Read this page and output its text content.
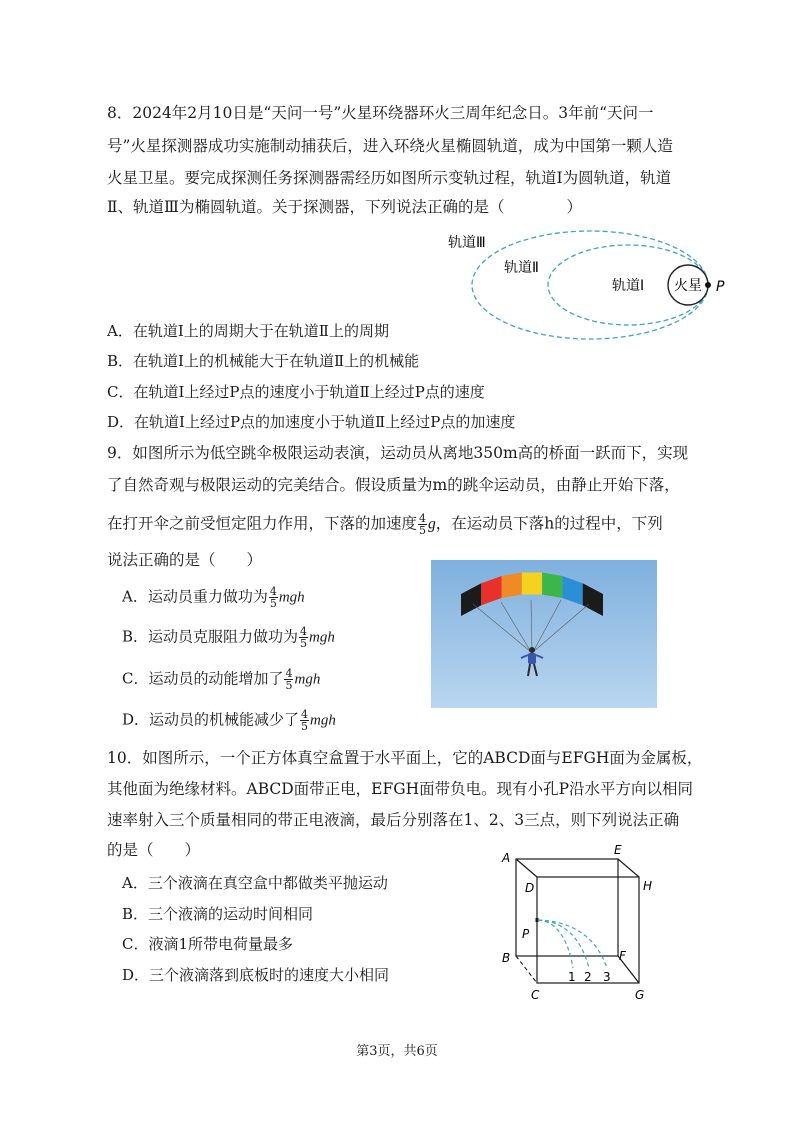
8．2024年2月10日是“天问一号”火星环绕器环火三周年纪念日。3年前“天问一
号”火星探测器成功实施制动捕获后，进入环绕火星椭圆轨道，成为中国第一颗人造
火星卫星。要完成探测任务探测器需经历如图所示变轨过程，轨道Ⅰ为圆轨道，轨道
Ⅱ、轨道Ⅲ为椭圆轨道。关于探测器，下列说法正确的是（　　　　）
轨道Ⅲ
轨道Ⅱ
轨道Ⅰ 火星 P
A．在轨道Ⅰ上的周期大于在轨道Ⅱ上的周期
B．在轨道Ⅰ上的机械能大于在轨道Ⅱ上的机械能
C．在轨道Ⅰ上经过P点的速度小于轨道Ⅱ上经过P点的速度
D．在轨道Ⅰ上经过P点的加速度小于轨道Ⅱ上经过P点的加速度
9．如图所示为低空跳伞极限运动表演，运动员从离地350m高的桥面一跃而下，实现
了自然奇观与极限运动的完美结合。假设质量为m的跳伞运动员，由静止开始下落，
在打开伞之前受恒定阻力作用，下落的加速度 $\frac{4}{5}$ g，在运动员下落h的过程中，下列
说法正确的是（　　）
A．运动员重力做功为 $\frac{4}{5}$ mgh
B．运动员克服阻力做功为 $\frac{4}{5}$ mgh
C．运动员的动能增加了 $\frac{4}{5}$ mgh
D．运动员的机械能减少了 $\frac{4}{5}$ mgh
10．如图所示，一个正方体真空盒置于水平面上，它的ABCD面与EFGH面为金属板，
其他面为绝缘材料。ABCD面带正电，EFGH面带负电。现有小孔P沿水平方向以相同
速率射入三个质量相同的带正电液滴，最后分别落在1、2、3三点，则下列说法正确
的是（　　）
A．三个液滴在真空盒中都做类平抛运动
B．三个液滴的运动时间相同
C．液滴1所带电荷量最多
D．三个液滴落到底板时的速度大小相同
A
B
C
D
E
F
G
H
P
1 2 3
第3页，共6页
